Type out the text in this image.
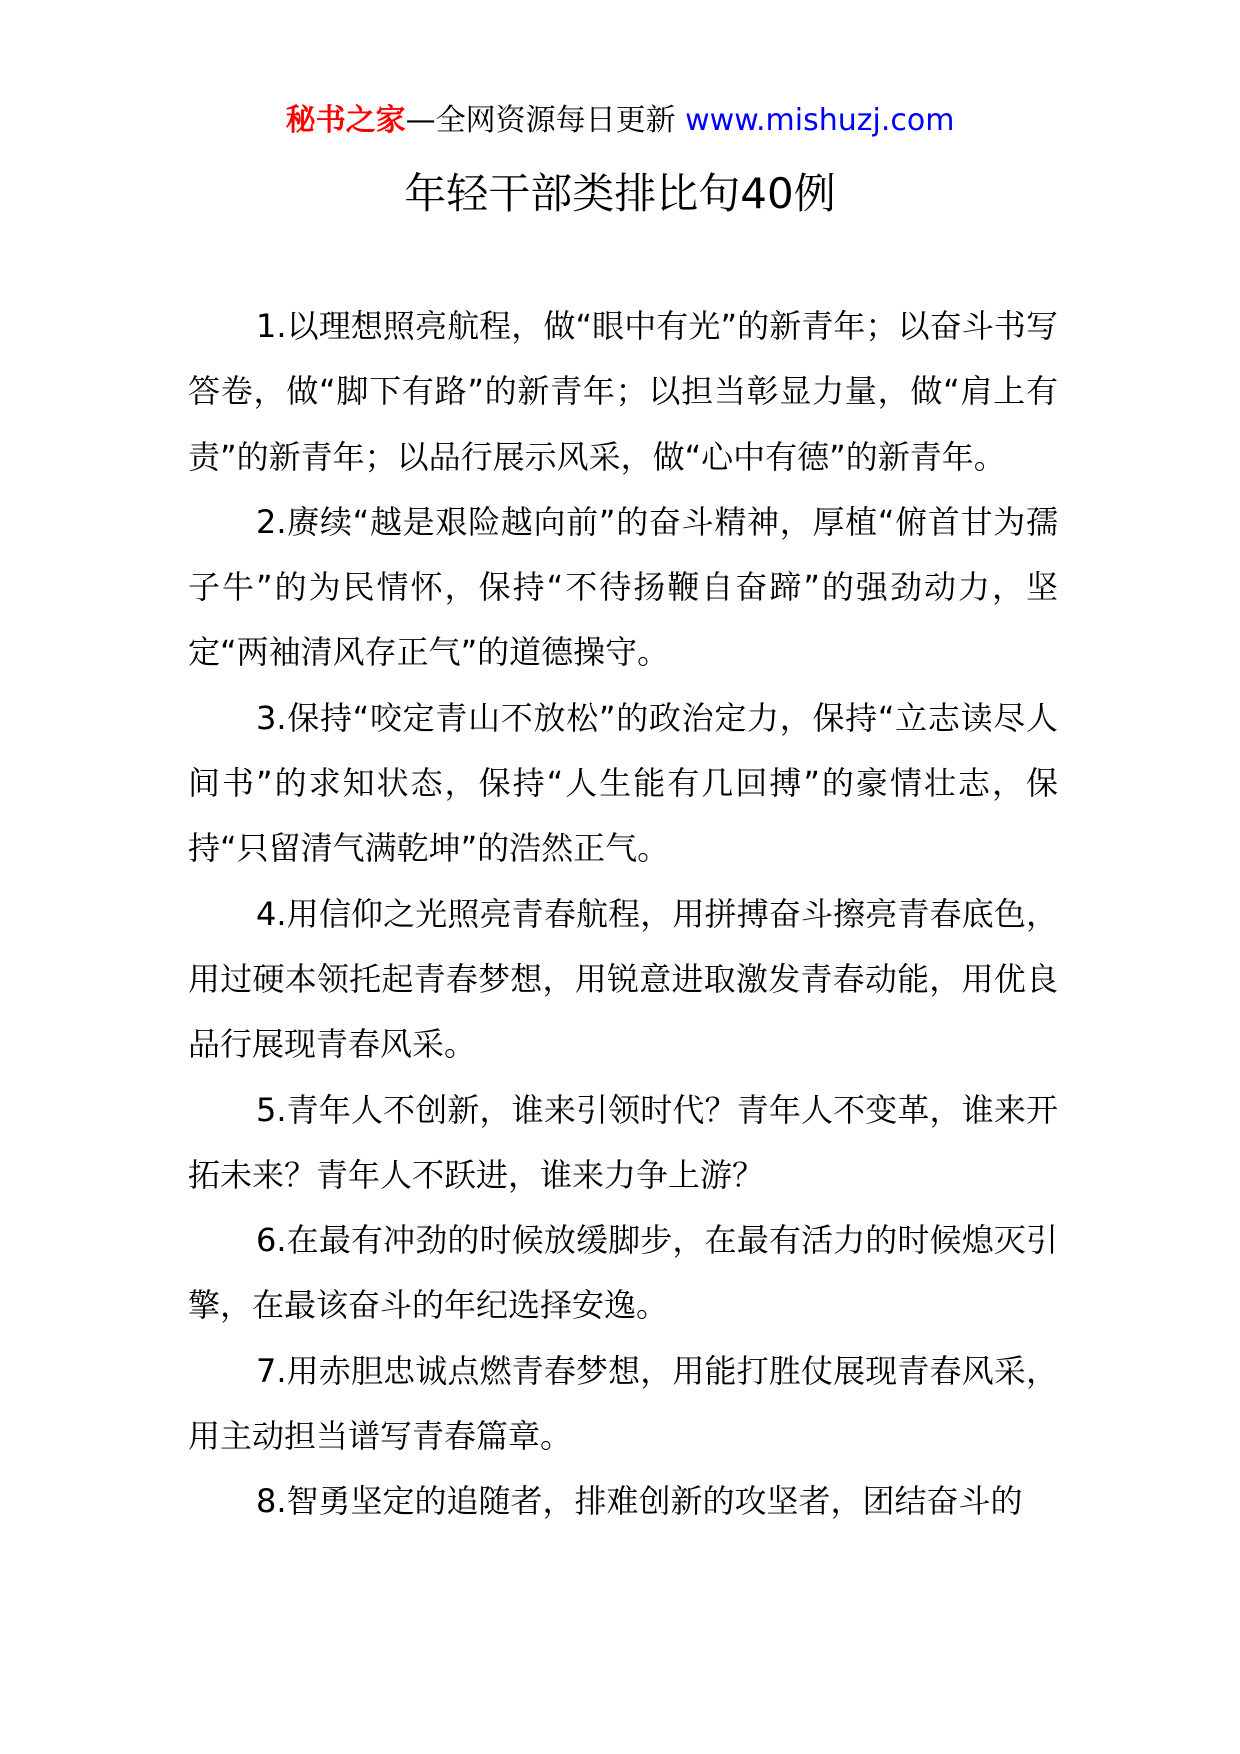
秘书之家—全网资源每日更新 www.mishuzj.com
年轻干部类排比句40例

1.以理想照亮航程，做“眼中有光”的新青年；以奋斗书写答卷，做“脚下有路”的新青年；以担当彰显力量，做“肩上有责”的新青年；以品行展示风采，做“心中有德”的新青年。

2.赓续“越是艰险越向前”的奋斗精神，厚植“俯首甘为孺子牛”的为民情怀，保持“不待扬鞭自奋蹄”的强劲动力，坚定“两袖清风存正气”的道德操守。

3.保持“咬定青山不放松”的政治定力，保持“立志读尽人间书”的求知状态，保持“人生能有几回搏”的豪情壮志，保持“只留清气满乾坤”的浩然正气。

4.用信仰之光照亮青春航程，用拼搏奋斗擦亮青春底色，用过硬本领托起青春梦想，用锐意进取激发青春动能，用优良品行展现青春风采。

5.青年人不创新，谁来引领时代？青年人不变革，谁来开拓未来？青年人不跃进，谁来力争上游？

6.在最有冲劲的时候放缓脚步，在最有活力的时候熄灭引擎，在最该奋斗的年纪选择安逸。

7.用赤胆忠诚点燃青春梦想，用能打胜仗展现青春风采，用主动担当谱写青春篇章。

8.智勇坚定的追随者，排难创新的攻坚者，团结奋斗的
